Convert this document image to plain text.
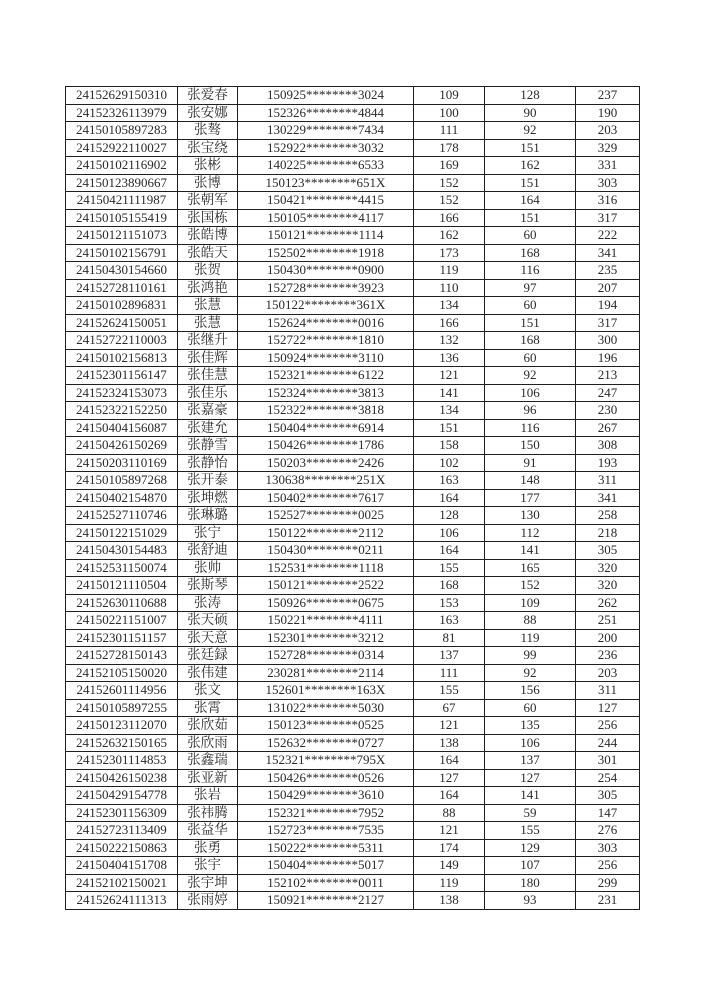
24152629150310	张爱春	150925********3024	109	128	237
24152326113979	张安娜	152326********4844	100	90	190
24150105897283	张骜	130229********7434	111	92	203
24152922110027	张宝绕	152922********3032	178	151	329
24150102116902	张彬	140225********6533	169	162	331
24150123890667	张博	150123********651X	152	151	303
24150421111987	张朝军	150421********4415	152	164	316
24150105155419	张国栋	150105********4117	166	151	317
24150121151073	张皓博	150121********1114	162	60	222
24150102156791	张皓天	152502********1918	173	168	341
24150430154660	张贺	150430********0900	119	116	235
24152728110161	张鸿艳	152728********3923	110	97	207
24150102896831	张慧	150122********361X	134	60	194
24152624150051	张慧	152624********0016	166	151	317
24152722110003	张继升	152722********1810	132	168	300
24150102156813	张佳辉	150924********3110	136	60	196
24152301156147	张佳慧	152321********6122	121	92	213
24152324153073	张佳乐	152324********3813	141	106	247
24152322152250	张嘉豪	152322********3818	134	96	230
24150404156087	张建允	150404********6914	151	116	267
24150426150269	张静雪	150426********1786	158	150	308
24150203110169	张静怡	150203********2426	102	91	193
24150105897268	张开泰	130638********251X	163	148	311
24150402154870	张坤燃	150402********7617	164	177	341
24152527110746	张琳璐	152527********0025	128	130	258
24150122151029	张宁	150122********2112	106	112	218
24150430154483	张舒迪	150430********0211	164	141	305
24152531150074	张帅	152531********1118	155	165	320
24150121110504	张斯琴	150121********2522	168	152	320
24152630110688	张涛	150926********0675	153	109	262
24150221151007	张天硕	150221********4111	163	88	251
24152301151157	张天意	152301********3212	81	119	200
24152728150143	张廷録	152728********0314	137	99	236
24152105150020	张伟建	230281********2114	111	92	203
24152601114956	张文	152601********163X	155	156	311
24150105897255	张霄	131022********5030	67	60	127
24150123112070	张欣茹	150123********0525	121	135	256
24152632150165	张欣雨	152632********0727	138	106	244
24152301114853	张鑫瑞	152321********795X	164	137	301
24150426150238	张亚新	150426********0526	127	127	254
24150429154778	张岩	150429********3610	164	141	305
24152301156309	张祎腾	152321********7952	88	59	147
24152723113409	张益华	152723********7535	121	155	276
24150222150863	张勇	150222********5311	174	129	303
24150404151708	张宇	150404********5017	149	107	256
24152102150021	张宇坤	152102********0011	119	180	299
24152624111313	张雨婷	150921********2127	138	93	231
